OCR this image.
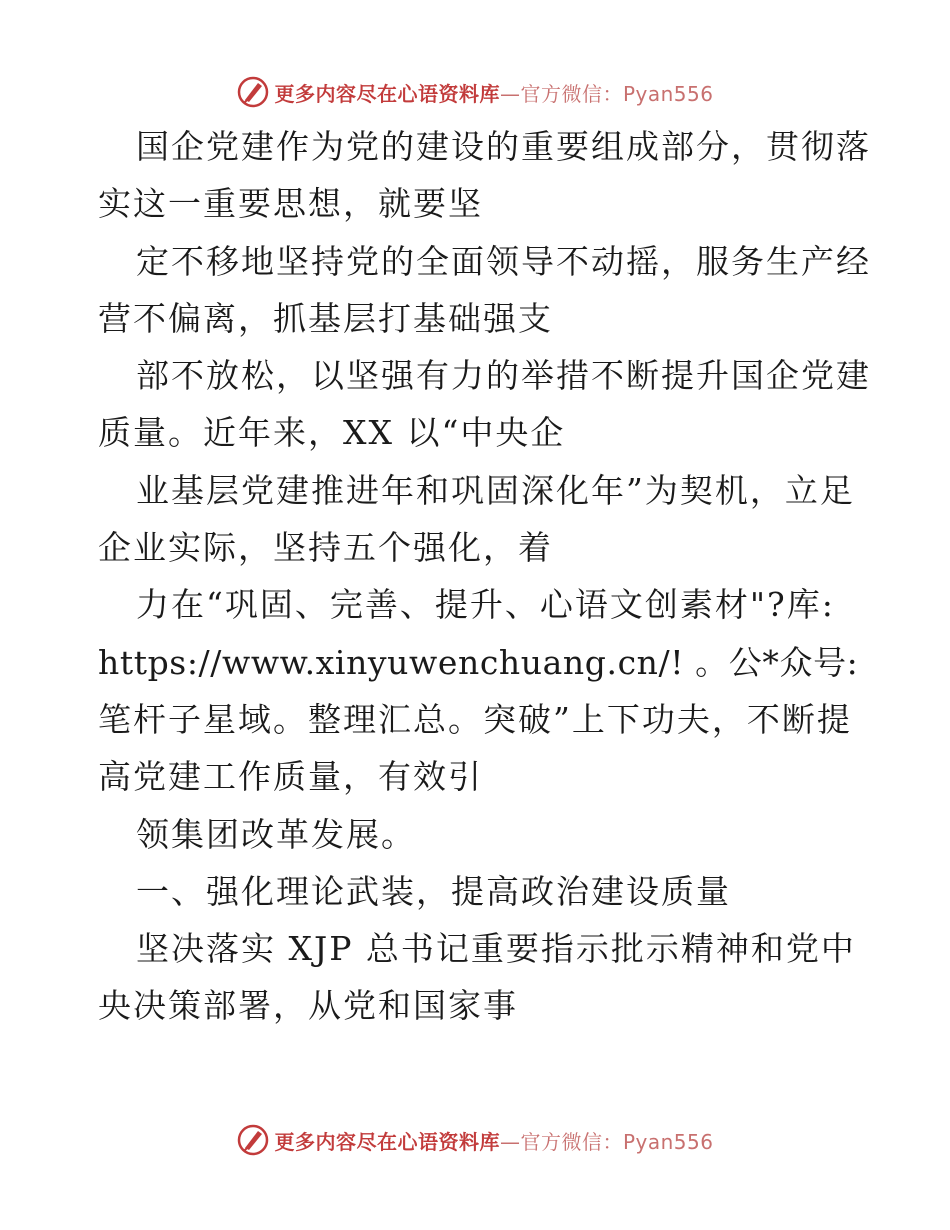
更多内容尽在心语资料库—官方微信：Pyan556
国企党建作为党的建设的重要组成部分，贯彻落
实这一重要思想，就要坚
定不移地坚持党的全面领导不动摇，服务生产经
营不偏离，抓基层打基础强支
部不放松，以坚强有力的举措不断提升国企党建
质量。近年来，XX 以“中央企
业基层党建推进年和巩固深化年”为契机，立足
企业实际，坚持五个强化，着
力在“巩固、完善、提升、心语文创素材"?库:
https://www.xinyuwenchuang.cn/! 。公*众号:
笔杆子星域。整理汇总。突破”上下功夫，不断提
高党建工作质量，有效引
领集团改革发展。
一、强化理论武装，提高政治建设质量
坚决落实 XJP 总书记重要指示批示精神和党中
央决策部署，从党和国家事
更多内容尽在心语资料库—官方微信：Pyan556
